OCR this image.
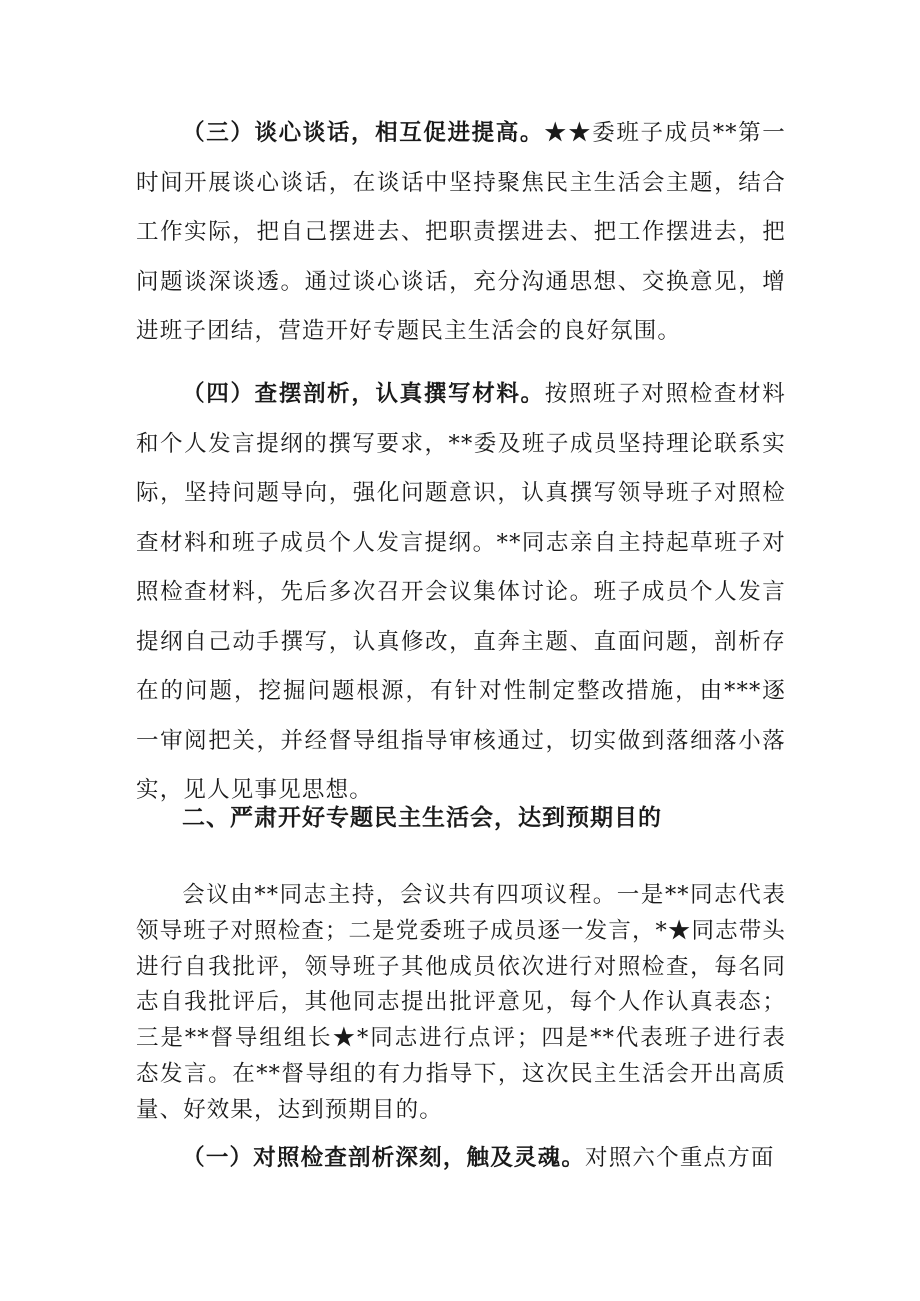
（三）谈心谈话，相互促进提高。★★委班子成员**第一时间开展谈心谈话，在谈话中坚持聚焦民主生活会主题，结合工作实际，把自己摆进去、把职责摆进去、把工作摆进去，把问题谈深谈透。通过谈心谈话，充分沟通思想、交换意见，增进班子团结，营造开好专题民主生活会的良好氛围。

（四）查摆剖析，认真撰写材料。按照班子对照检查材料和个人发言提纲的撰写要求，**委及班子成员坚持理论联系实际，坚持问题导向，强化问题意识，认真撰写领导班子对照检查材料和班子成员个人发言提纲。**同志亲自主持起草班子对照检查材料，先后多次召开会议集体讨论。班子成员个人发言提纲自己动手撰写，认真修改，直奔主题、直面问题，剖析存在的问题，挖掘问题根源，有针对性制定整改措施，由***逐一审阅把关，并经督导组指导审核通过，切实做到落细落小落实，见人见事见思想。

二、严肃开好专题民主生活会，达到预期目的

会议由**同志主持，会议共有四项议程。一是**同志代表领导班子对照检查；二是党委班子成员逐一发言，*★同志带头进行自我批评，领导班子其他成员依次进行对照检查，每名同志自我批评后，其他同志提出批评意见，每个人作认真表态；三是**督导组组长★*同志进行点评；四是**代表班子进行表态发言。在**督导组的有力指导下，这次民主生活会开出高质量、好效果，达到预期目的。

（一）对照检查剖析深刻，触及灵魂。对照六个重点方面
